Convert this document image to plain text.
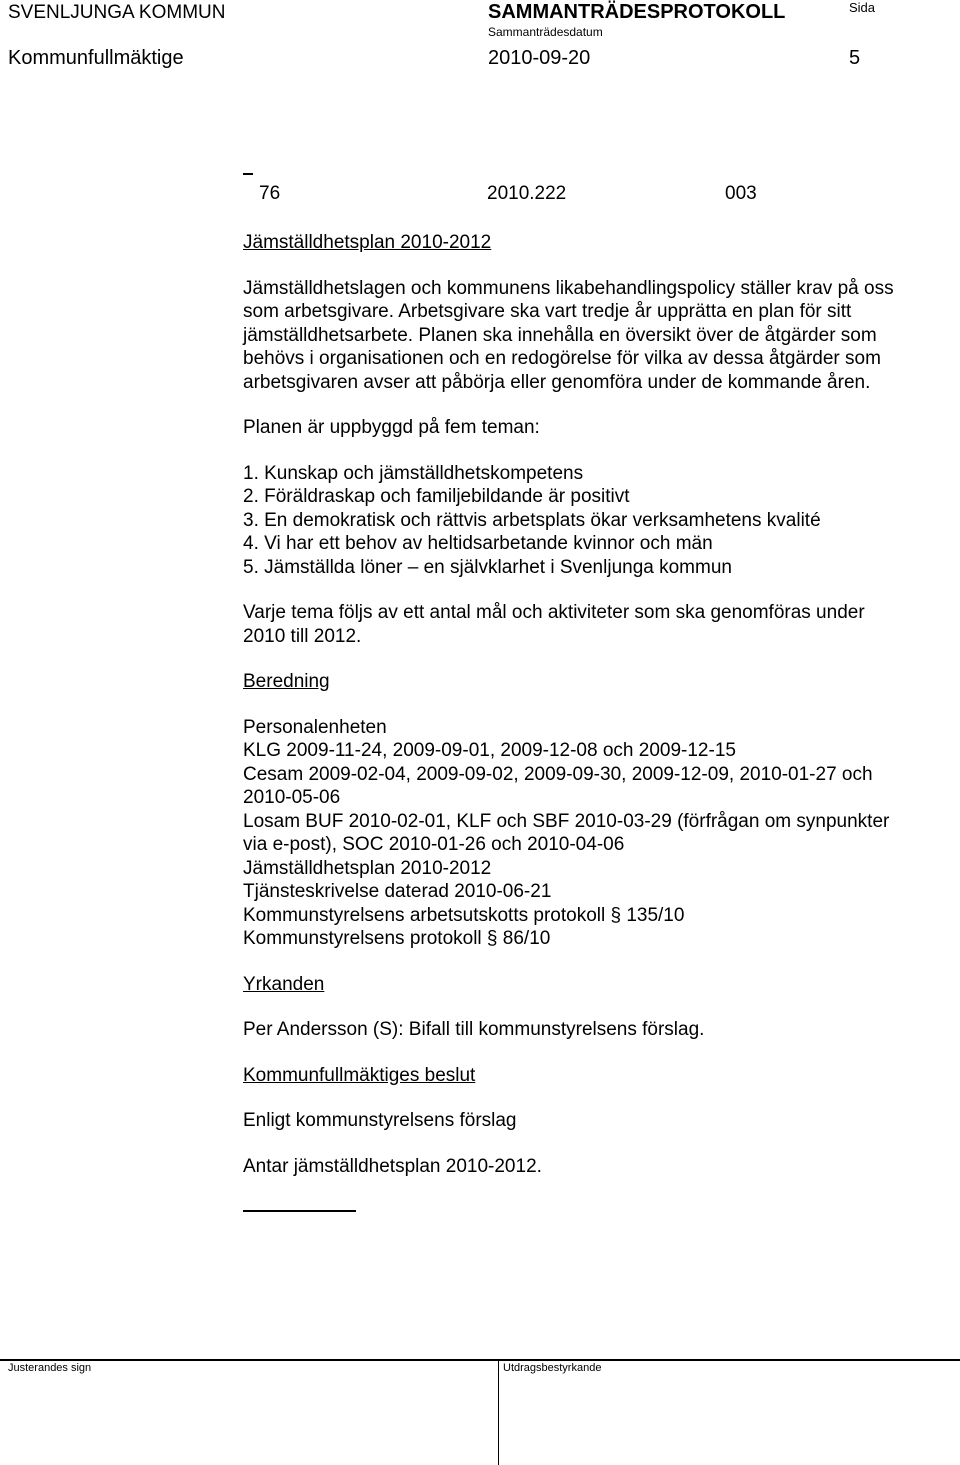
SVENLJUNGA KOMMUN	SAMMANTRÄDESPROTOKOLL
Sammanträdesdatum
Sida
Kommunfullmäktige	2010-09-20	5
76	2010.222	003

Jämställdhetsplan 2010-2012

Jämställdhetslagen och kommunens likabehandlingspolicy ställer krav på oss

som arbetsgivare. Arbetsgivare ska vart tredje år upprätta en plan för sitt

jämställdhetsarbete. Planen ska innehålla en översikt över de åtgärder som

behövs i organisationen och en redogörelse för vilka av dessa åtgärder som

arbetsgivaren avser att påbörja eller genomföra under de kommande åren.

Planen är uppbyggd på fem teman:

1. Kunskap och jämställdhetskompetens
2. Föräldraskap och familjebildande är positivt
3. En demokratisk och rättvis arbetsplats ökar verksamhetens kvalité
4. Vi har ett behov av heltidsarbetande kvinnor och män
5. Jämställda löner – en självklarhet i Svenljunga kommun

Varje tema följs av ett antal mål och aktiviteter som ska genomföras under

2010 till 2012.

Beredning

Personalenheten

KLG 2009-11-24, 2009-09-01, 2009-12-08 och 2009-12-15

Cesam 2009-02-04, 2009-09-02, 2009-09-30, 2009-12-09, 2010-01-27 och

2010-05-06

Losam BUF 2010-02-01, KLF och SBF 2010-03-29 (förfrågan om synpunkter

via e-post), SOC 2010-01-26 och 2010-04-06

Jämställdhetsplan 2010-2012

Tjänsteskrivelse daterad 2010-06-21

Kommunstyrelsens arbetsutskotts protokoll § 135/10

Kommunstyrelsens protokoll § 86/10

Yrkanden

Per Andersson (S): Bifall till kommunstyrelsens förslag.

Kommunfullmäktiges beslut

Enligt kommunstyrelsens förslag

Antar jämställdhetsplan 2010-2012.

Justerandes sign	Utdragsbestyrkande
